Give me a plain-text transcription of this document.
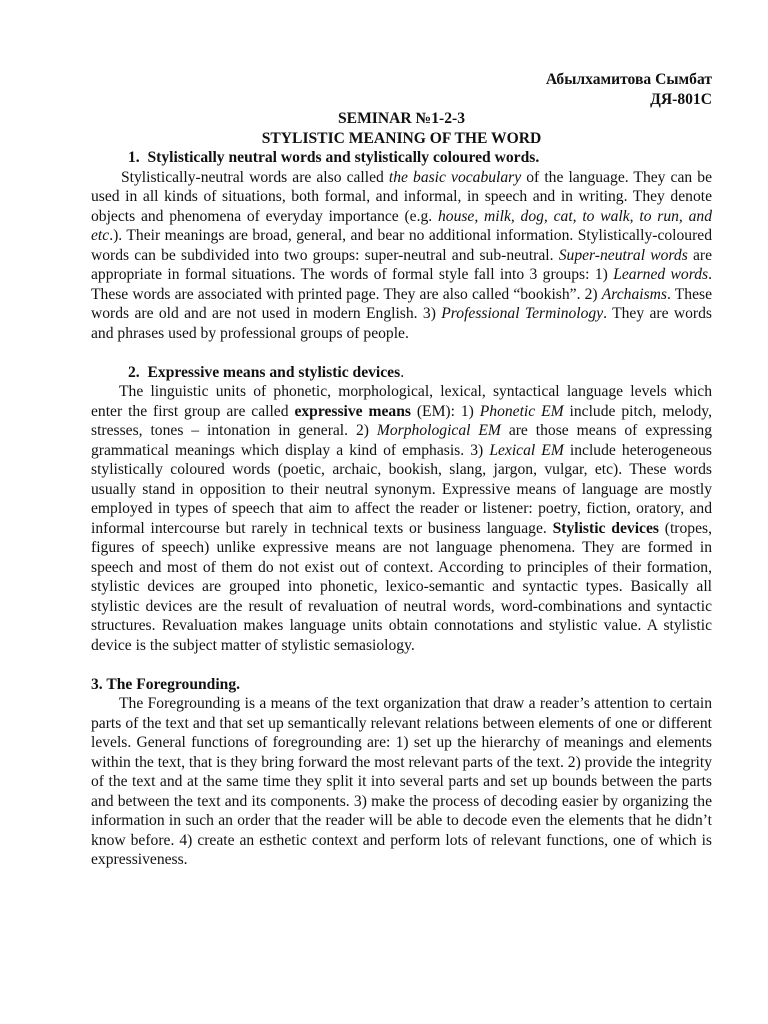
Абылхамитова Сымбат
ДЯ-801С
SEMINAR №1-2-3
STYLISTIC MEANING OF THE WORD
1. Stylistically neutral words and stylistically coloured words.

Stylistically-neutral words are also called the basic vocabulary of the language. They can be used in all kinds of situations, both formal, and informal, in speech and in writing. They denote objects and phenomena of everyday importance (e.g. house, milk, dog, cat, to walk, to run, and etc.). Their meanings are broad, general, and bear no additional information. Stylistically-coloured words can be subdivided into two groups: super-neutral and sub-neutral. Super-neutral words are appropriate in formal situations. The words of formal style fall into 3 groups: 1) Learned words. These words are associated with printed page. They are also called “bookish”. 2) Archaisms. These words are old and are not used in modern English. 3) Professional Terminology. They are words and phrases used by professional groups of people.

2. Expressive means and stylistic devices.

The linguistic units of phonetic, morphological, lexical, syntactical language levels which enter the first group are called expressive means (EM): 1) Phonetic EM include pitch, melody, stresses, tones – intonation in general. 2) Morphological EM are those means of expressing grammatical meanings which display a kind of emphasis. 3) Lexical EM include heterogeneous stylistically coloured words (poetic, archaic, bookish, slang, jargon, vulgar, etc). These words usually stand in opposition to their neutral synonym. Expressive means of language are mostly employed in types of speech that aim to affect the reader or listener: poetry, fiction, oratory, and informal intercourse but rarely in technical texts or business language. Stylistic devices (tropes, figures of speech) unlike expressive means are not language phenomena. They are formed in speech and most of them do not exist out of context. According to principles of their formation, stylistic devices are grouped into phonetic, lexico-semantic and syntactic types. Basically all stylistic devices are the result of revaluation of neutral words, word-combinations and syntactic structures. Revaluation makes language units obtain connotations and stylistic value. A stylistic device is the subject matter of stylistic semasiology.

3. The Foregrounding.

The Foregrounding is a means of the text organization that draw a reader’s attention to certain parts of the text and that set up semantically relevant relations between elements of one or different levels. General functions of foregrounding are: 1) set up the hierarchy of meanings and elements within the text, that is they bring forward the most relevant parts of the text. 2) provide the integrity of the text and at the same time they split it into several parts and set up bounds between the parts and between the text and its components. 3) make the process of decoding easier by organizing the information in such an order that the reader will be able to decode even the elements that he didn’t know before. 4) create an esthetic context and perform lots of relevant functions, one of which is expressiveness.
